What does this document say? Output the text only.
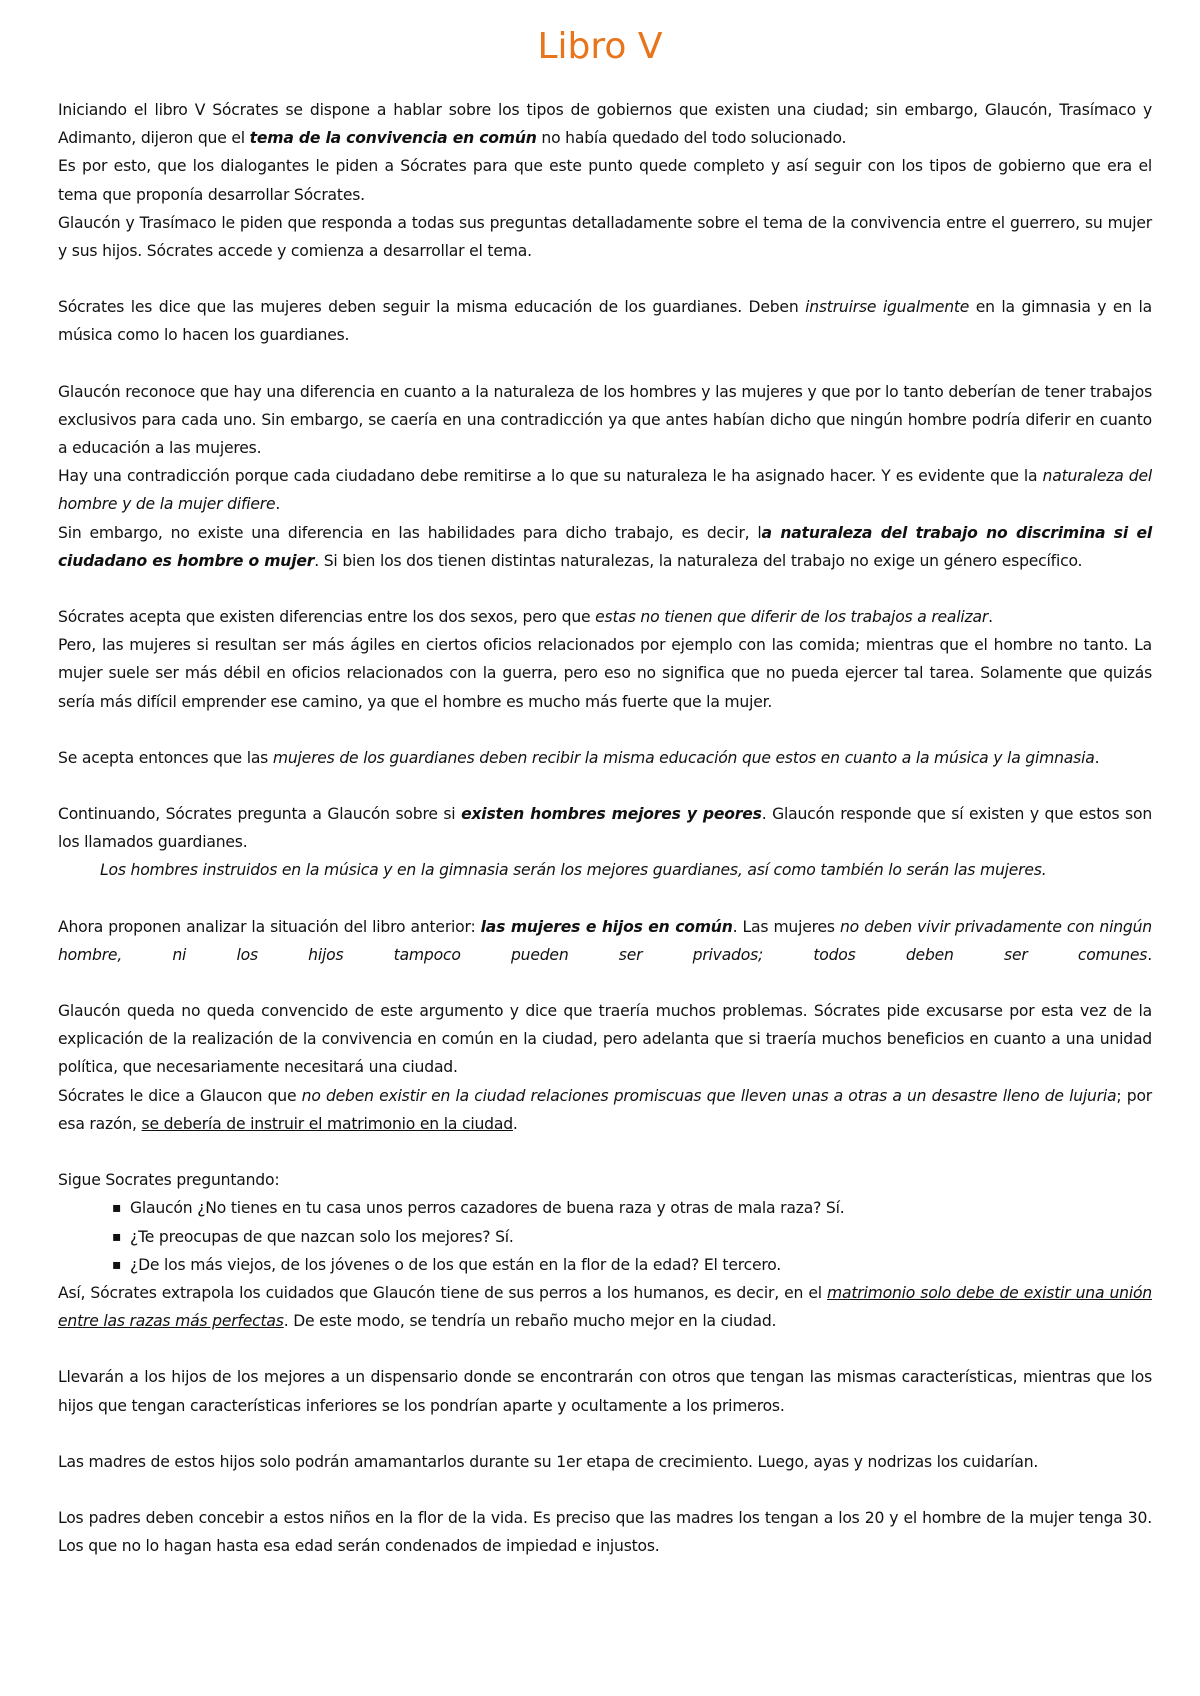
Libro V

Iniciando el libro V Sócrates se dispone a hablar sobre los tipos de gobiernos que existen una ciudad; sin embargo, Glaucón, Trasímaco y Adimanto, dijeron que el tema de la convivencia en común no había quedado del todo solucionado.

Es por esto, que los dialogantes le piden a Sócrates para que este punto quede completo y así seguir con los tipos de gobierno que era el tema que proponía desarrollar Sócrates.

Glaucón y Trasímaco le piden que responda a todas sus preguntas detalladamente sobre el tema de la convivencia entre el guerrero, su mujer y sus hijos. Sócrates accede y comienza a desarrollar el tema.

Sócrates les dice que las mujeres deben seguir la misma educación de los guardianes. Deben instruirse igualmente en la gimnasia y en la música como lo hacen los guardianes.

Glaucón reconoce que hay una diferencia en cuanto a la naturaleza de los hombres y las mujeres y que por lo tanto deberían de tener trabajos exclusivos para cada uno. Sin embargo, se caería en una contradicción ya que antes habían dicho que ningún hombre podría diferir en cuanto a educación a las mujeres.

Hay una contradicción porque cada ciudadano debe remitirse a lo que su naturaleza le ha asignado hacer. Y es evidente que la naturaleza del hombre y de la mujer difiere.

Sin embargo, no existe una diferencia en las habilidades para dicho trabajo, es decir, la naturaleza del trabajo no discrimina si el ciudadano es hombre o mujer. Si bien los dos tienen distintas naturalezas, la naturaleza del trabajo no exige un género específico.

Sócrates acepta que existen diferencias entre los dos sexos, pero que estas no tienen que diferir de los trabajos a realizar.

Pero, las mujeres si resultan ser más ágiles en ciertos oficios relacionados por ejemplo con las comida; mientras que el hombre no tanto. La mujer suele ser más débil en oficios relacionados con la guerra, pero eso no significa que no pueda ejercer tal tarea. Solamente que quizás sería más difícil emprender ese camino, ya que el hombre es mucho más fuerte que la mujer.

Se acepta entonces que las mujeres de los guardianes deben recibir la misma educación que estos en cuanto a la música y la gimnasia.

Continuando, Sócrates pregunta a Glaucón sobre si existen hombres mejores y peores. Glaucón responde que sí existen y que estos son los llamados guardianes.

Los hombres instruidos en la música y en la gimnasia serán los mejores guardianes, así como también lo serán las mujeres.

Ahora proponen analizar la situación del libro anterior: las mujeres e hijos en común. Las mujeres no deben vivir privadamente con ningún hombre, ni los hijos tampoco pueden ser privados; todos deben ser comunes.

Glaucón queda no queda convencido de este argumento y dice que traería muchos problemas. Sócrates pide excusarse por esta vez de la explicación de la realización de la convivencia en común en la ciudad, pero adelanta que si traería muchos beneficios en cuanto a una unidad política, que necesariamente necesitará una ciudad.

Sócrates le dice a Glaucon que no deben existir en la ciudad relaciones promiscuas que lleven unas a otras a un desastre lleno de lujuria; por esa razón, se debería de instruir el matrimonio en la ciudad.

Sigue Socrates preguntando:

▪ Glaucón ¿No tienes en tu casa unos perros cazadores de buena raza y otras de mala raza? Sí.
▪ ¿Te preocupas de que nazcan solo los mejores? Sí.
▪ ¿De los más viejos, de los jóvenes o de los que están en la flor de la edad? El tercero.

Así, Sócrates extrapola los cuidados que Glaucón tiene de sus perros a los humanos, es decir, en el matrimonio solo debe de existir una unión entre las razas más perfectas. De este modo, se tendría un rebaño mucho mejor en la ciudad.

Llevarán a los hijos de los mejores a un dispensario donde se encontrarán con otros que tengan las mismas características, mientras que los hijos que tengan características inferiores se los pondrían aparte y ocultamente a los primeros.

Las madres de estos hijos solo podrán amamantarlos durante su 1er etapa de crecimiento. Luego, ayas y nodrizas los cuidarían.

Los padres deben concebir a estos niños en la flor de la vida. Es preciso que las madres los tengan a los 20 y el hombre de la mujer tenga 30. Los que no lo hagan hasta esa edad serán condenados de impiedad e injustos.
